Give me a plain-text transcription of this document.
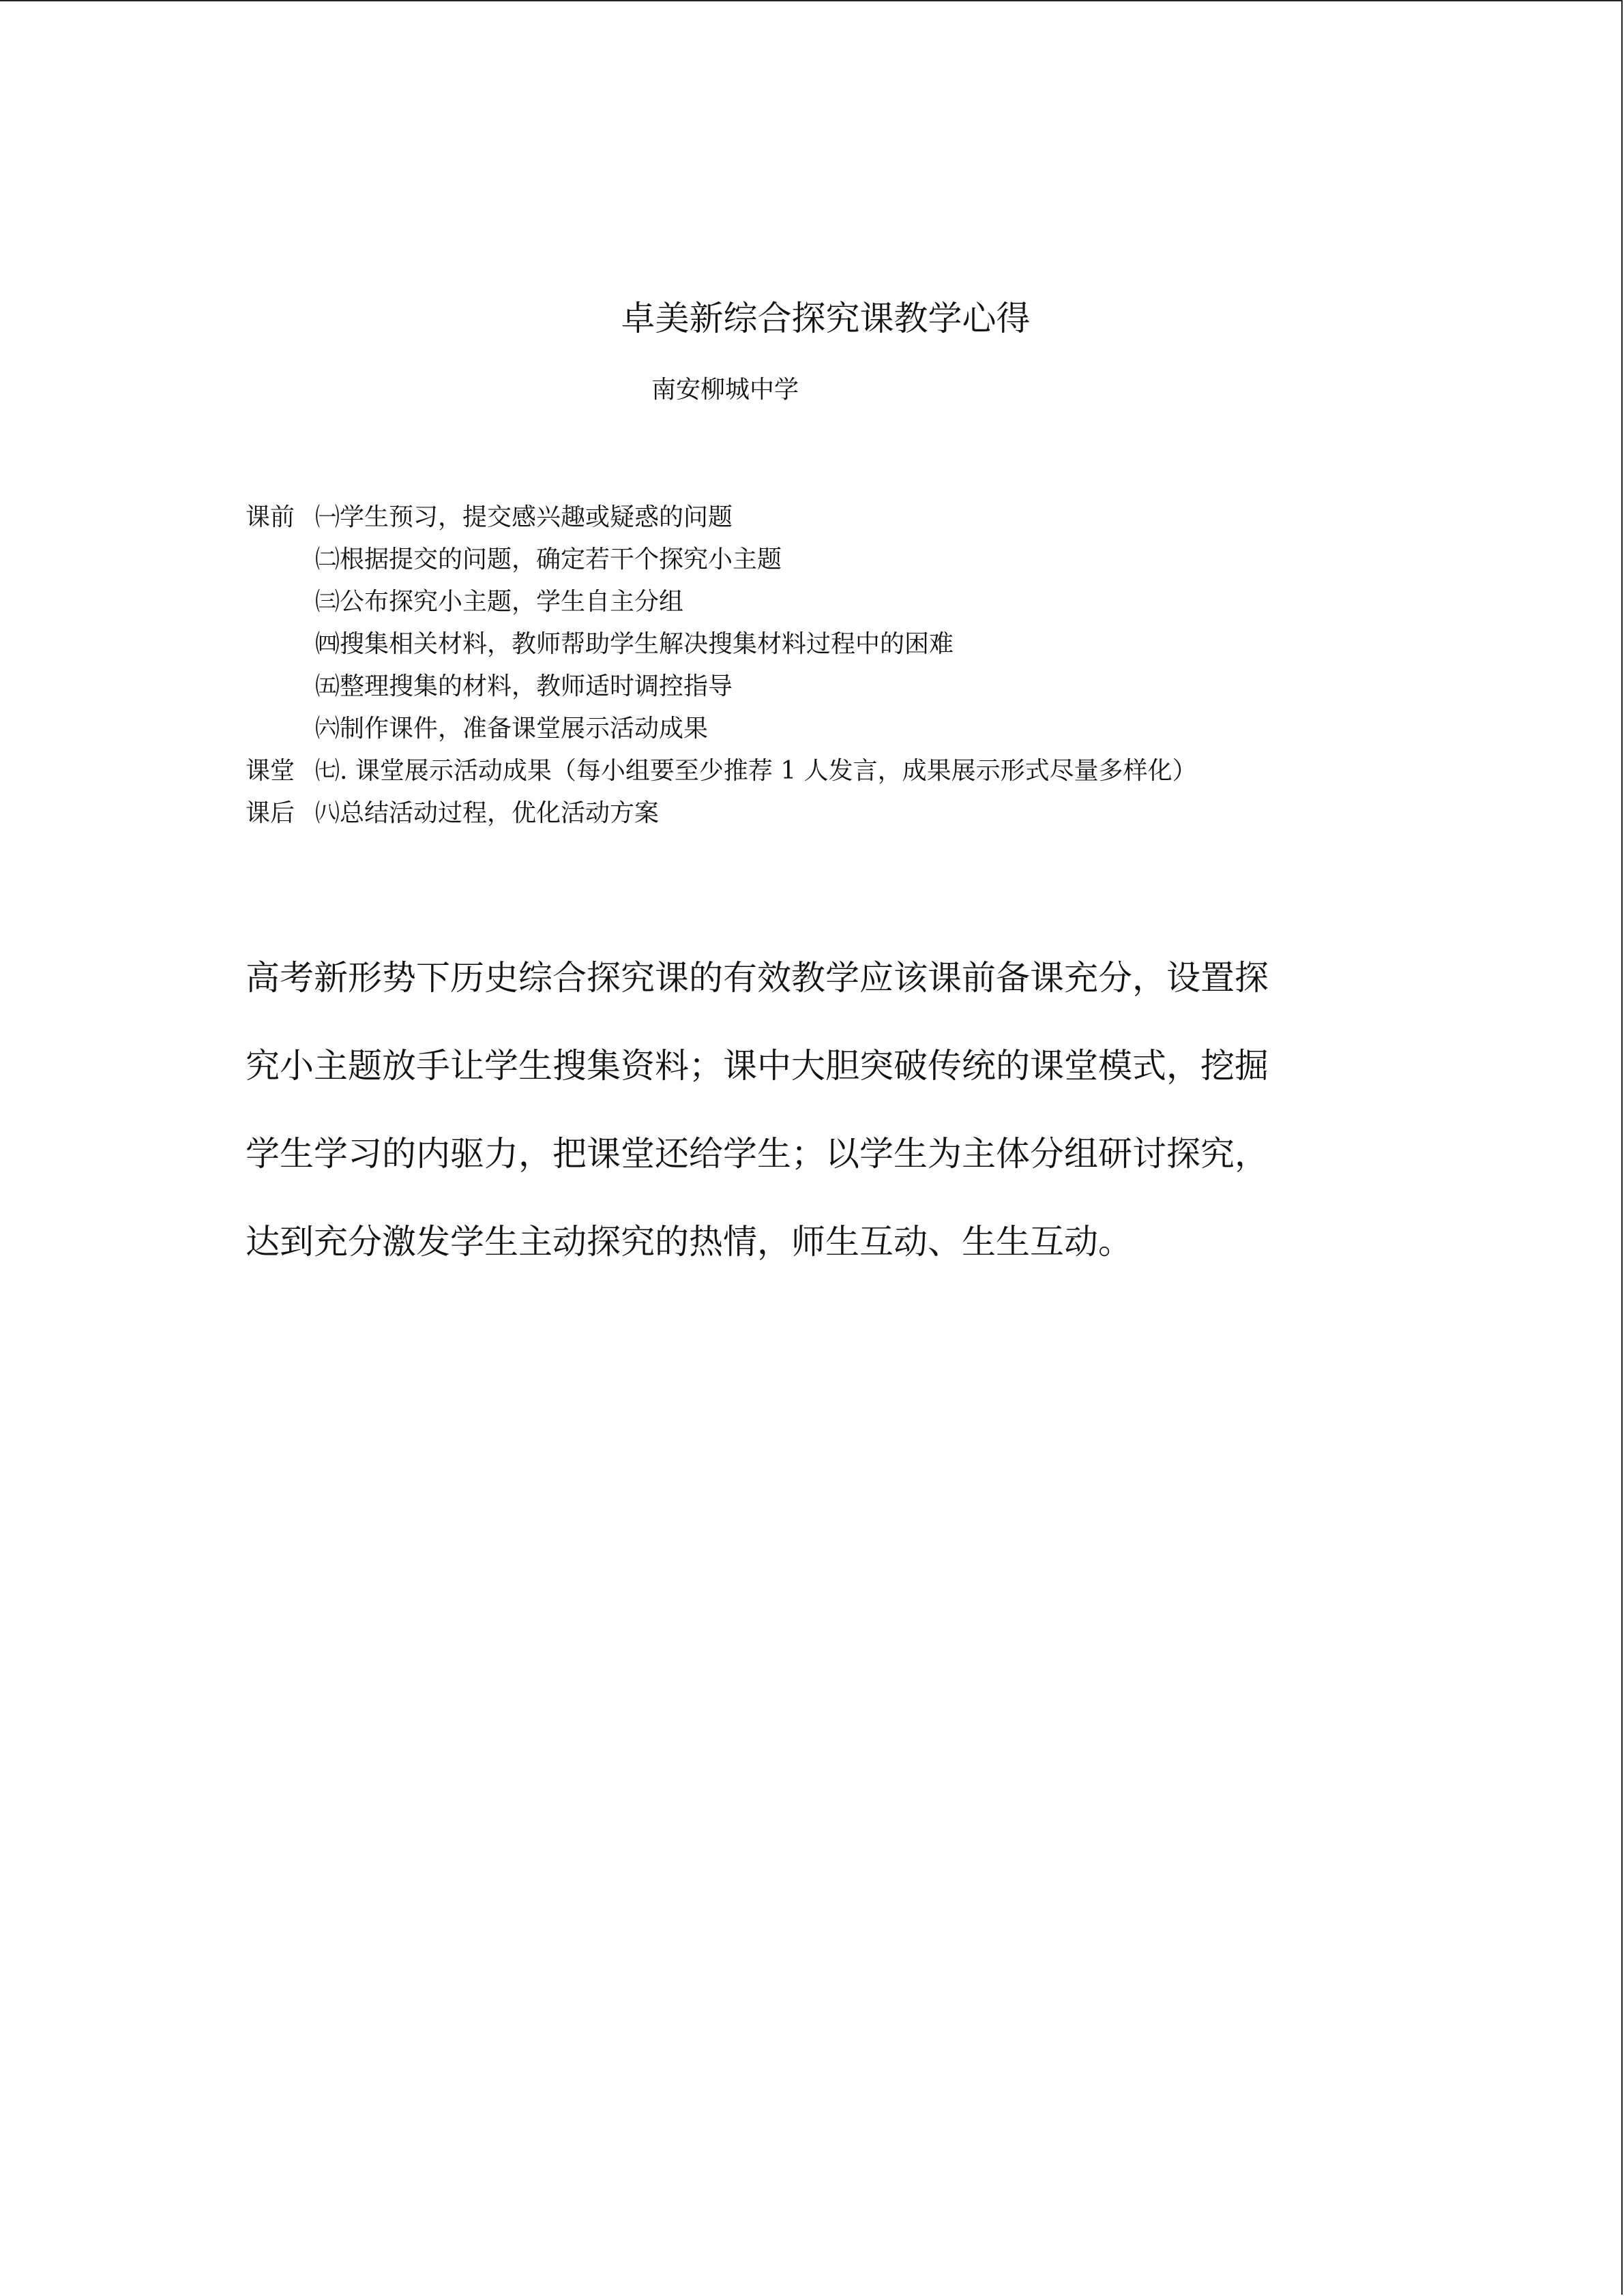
卓美新综合探究课教学心得
南安柳城中学
课前 ㈠学生预习，提交感兴趣或疑惑的问题
㈡根据提交的问题，确定若干个探究小主题
㈢公布探究小主题，学生自主分组
㈣搜集相关材料，教师帮助学生解决搜集材料过程中的困难
㈤整理搜集的材料，教师适时调控指导
㈥制作课件，准备课堂展示活动成果
课堂 ㈦. 课堂展示活动成果（每小组要至少推荐 1 人发言，成果展示形式尽量多样化）
课后 ㈧总结活动过程，优化活动方案
高考新形势下历史综合探究课的有效教学应该课前备课充分，设置探
究小主题放手让学生搜集资料；课中大胆突破传统的课堂模式，挖掘
学生学习的内驱力，把课堂还给学生；以学生为主体分组研讨探究，
达到充分激发学生主动探究的热情，师生互动、生生互动。
